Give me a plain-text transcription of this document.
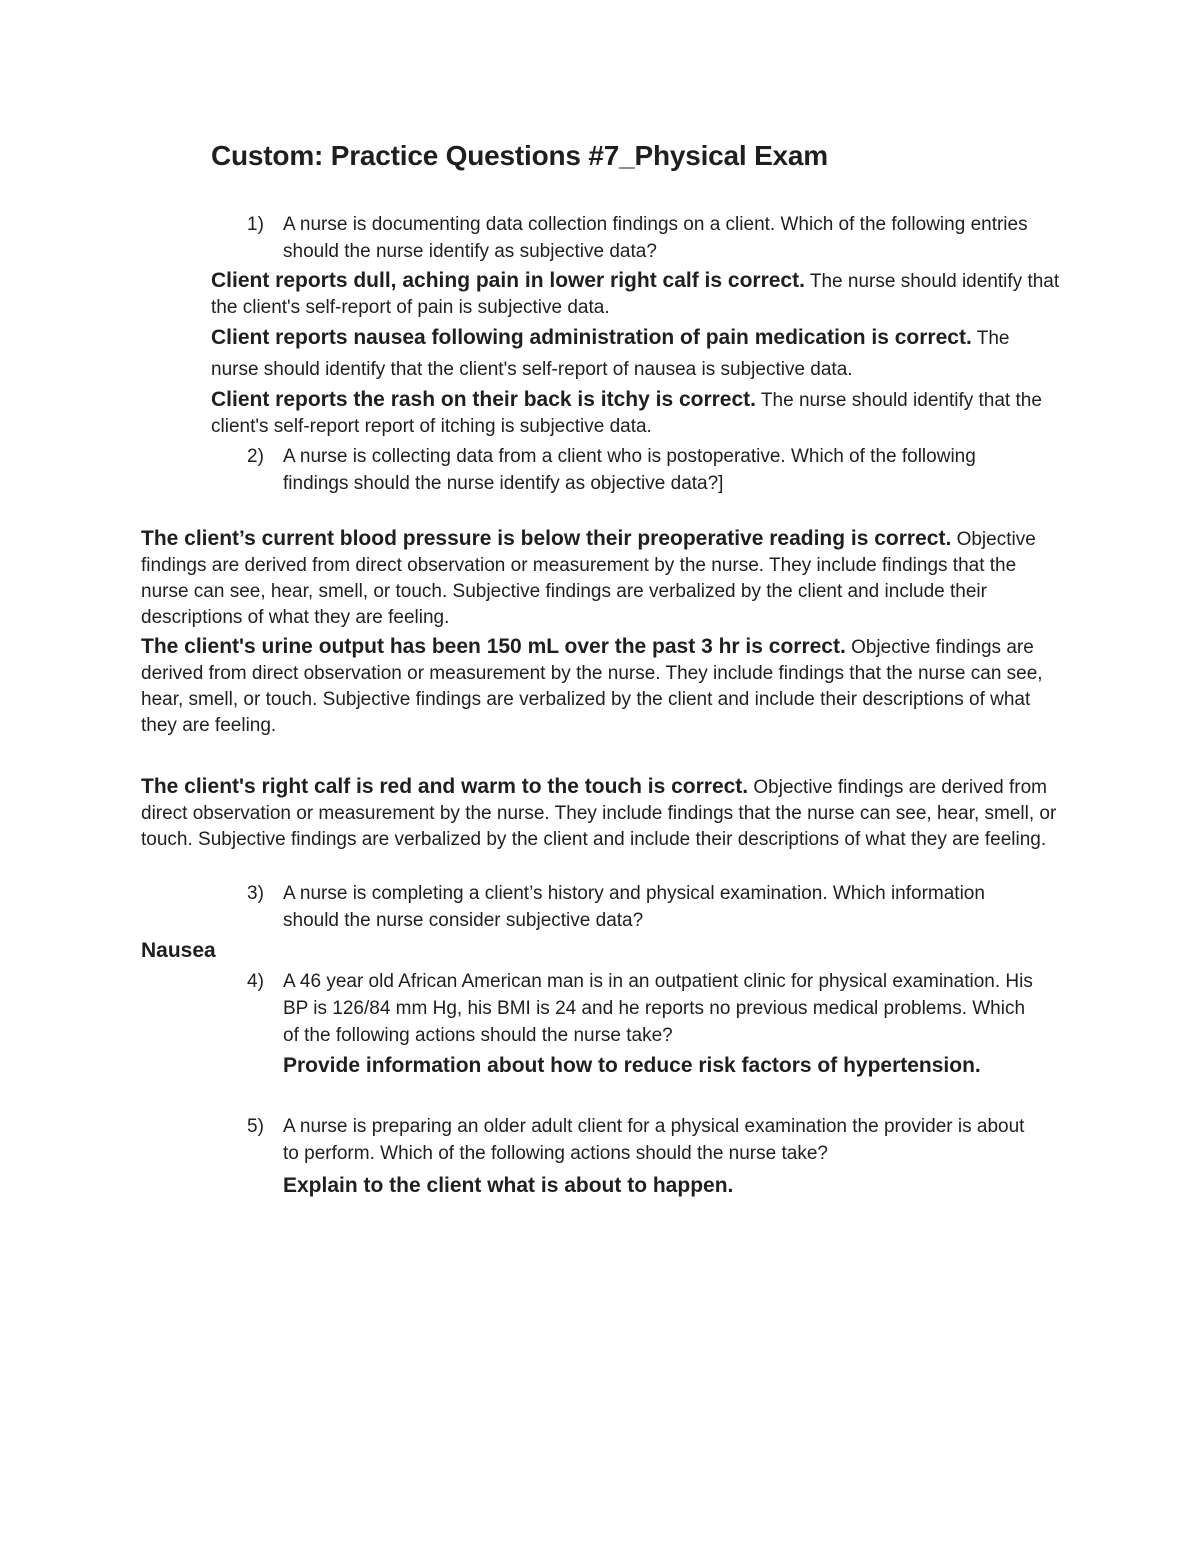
Custom: Practice Questions #7_Physical Exam
1) A nurse is documenting data collection findings on a client. Which of the following entries should the nurse identify as subjective data?
Client reports dull, aching pain in lower right calf is correct. The nurse should identify that the client's self-report of pain is subjective data.
Client reports nausea following administration of pain medication is correct. The nurse should identify that the client's self-report of nausea is subjective data.
Client reports the rash on their back is itchy is correct. The nurse should identify that the client's self-report report of itching is subjective data.
2) A nurse is collecting data from a client who is postoperative. Which of the following findings should the nurse identify as objective data?]
The client’s current blood pressure is below their preoperative reading is correct. Objective findings are derived from direct observation or measurement by the nurse. They include findings that the nurse can see, hear, smell, or touch. Subjective findings are verbalized by the client and include their descriptions of what they are feeling.
The client's urine output has been 150 mL over the past 3 hr is correct. Objective findings are derived from direct observation or measurement by the nurse. They include findings that the nurse can see, hear, smell, or touch. Subjective findings are verbalized by the client and include their descriptions of what they are feeling.
The client's right calf is red and warm to the touch is correct. Objective findings are derived from direct observation or measurement by the nurse. They include findings that the nurse can see, hear, smell, or touch. Subjective findings are verbalized by the client and include their descriptions of what they are feeling.
3) A nurse is completing a client’s history and physical examination. Which information should the nurse consider subjective data?
Nausea
4) A 46 year old African American man is in an outpatient clinic for physical examination. His BP is 126/84 mm Hg, his BMI is 24 and he reports no previous medical problems. Which of the following actions should the nurse take?
Provide information about how to reduce risk factors of hypertension.
5) A nurse is preparing an older adult client for a physical examination the provider is about to perform. Which of the following actions should the nurse take?
Explain to the client what is about to happen.
